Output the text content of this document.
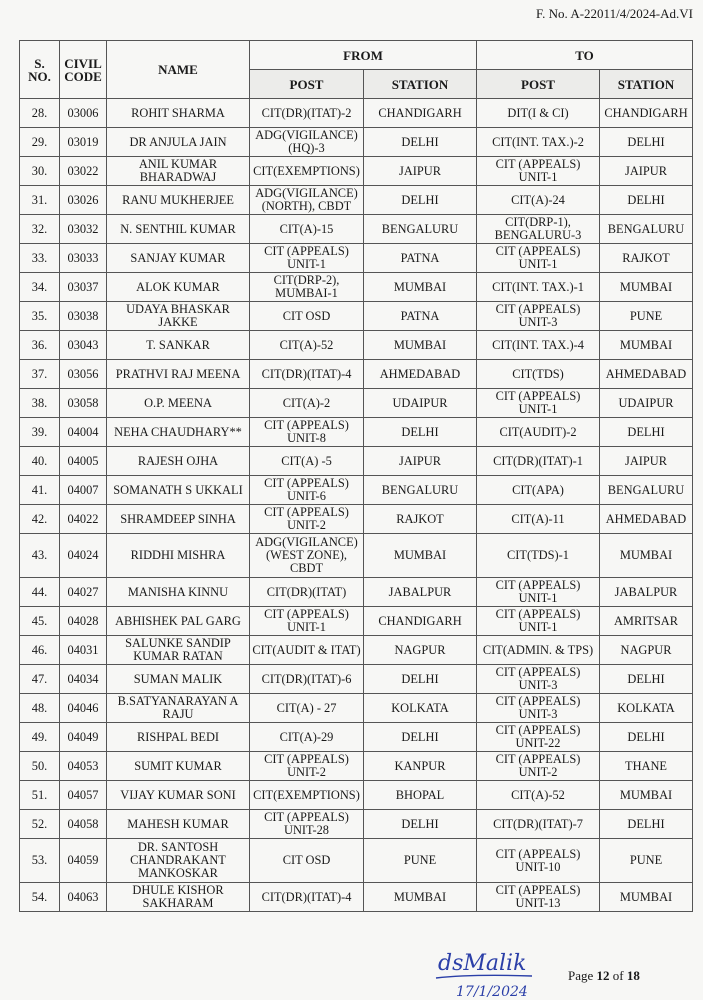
F. No. A-22011/4/2024-Ad.VI
S. NO.	CIVIL CODE	NAME	FROM		TO	
			POST	STATION	POST	STATION
28.	03006	ROHIT SHARMA	CIT(DR)(ITAT)-2	CHANDIGARH	DIT(I & CI)	CHANDIGARH
29.	03019	DR ANJULA JAIN	ADG(VIGILANCE) (HQ)-3	DELHI	CIT(INT. TAX.)-2	DELHI
30.	03022	ANIL KUMAR BHARADWAJ	CIT(EXEMPTIONS)	JAIPUR	CIT (APPEALS) UNIT-1	JAIPUR
31.	03026	RANU MUKHERJEE	ADG(VIGILANCE) (NORTH), CBDT	DELHI	CIT(A)-24	DELHI
32.	03032	N. SENTHIL KUMAR	CIT(A)-15	BENGALURU	CIT(DRP-1), BENGALURU-3	BENGALURU
33.	03033	SANJAY KUMAR	CIT (APPEALS) UNIT-1	PATNA	CIT (APPEALS) UNIT-1	RAJKOT
34.	03037	ALOK KUMAR	CIT(DRP-2), MUMBAI-1	MUMBAI	CIT(INT. TAX.)-1	MUMBAI
35.	03038	UDAYA BHASKAR JAKKE	CIT OSD	PATNA	CIT (APPEALS) UNIT-3	PUNE
36.	03043	T. SANKAR	CIT(A)-52	MUMBAI	CIT(INT. TAX.)-4	MUMBAI
37.	03056	PRATHVI RAJ MEENA	CIT(DR)(ITAT)-4	AHMEDABAD	CIT(TDS)	AHMEDABAD
38.	03058	O.P. MEENA	CIT(A)-2	UDAIPUR	CIT (APPEALS) UNIT-1	UDAIPUR
39.	04004	NEHA CHAUDHARY**	CIT (APPEALS) UNIT-8	DELHI	CIT(AUDIT)-2	DELHI
40.	04005	RAJESH OJHA	CIT(A) -5	JAIPUR	CIT(DR)(ITAT)-1	JAIPUR
41.	04007	SOMANATH S UKKALI	CIT (APPEALS) UNIT-6	BENGALURU	CIT(APA)	BENGALURU
42.	04022	SHRAMDEEP SINHA	CIT (APPEALS) UNIT-2	RAJKOT	CIT(A)-11	AHMEDABAD
43.	04024	RIDDHI MISHRA	ADG(VIGILANCE) (WEST ZONE), CBDT	MUMBAI	CIT(TDS)-1	MUMBAI
44.	04027	MANISHA KINNU	CIT(DR)(ITAT)	JABALPUR	CIT (APPEALS) UNIT-1	JABALPUR
45.	04028	ABHISHEK PAL GARG	CIT (APPEALS) UNIT-1	CHANDIGARH	CIT (APPEALS) UNIT-1	AMRITSAR
46.	04031	SALUNKE SANDIP KUMAR RATAN	CIT(AUDIT & ITAT)	NAGPUR	CIT(ADMIN. & TPS)	NAGPUR
47.	04034	SUMAN MALIK	CIT(DR)(ITAT)-6	DELHI	CIT (APPEALS) UNIT-3	DELHI
48.	04046	B.SATYANARAYAN A RAJU	CIT(A) - 27	KOLKATA	CIT (APPEALS) UNIT-3	KOLKATA
49.	04049	RISHPAL BEDI	CIT(A)-29	DELHI	CIT (APPEALS) UNIT-22	DELHI
50.	04053	SUMIT KUMAR	CIT (APPEALS) UNIT-2	KANPUR	CIT (APPEALS) UNIT-2	THANE
51.	04057	VIJAY KUMAR SONI	CIT(EXEMPTIONS)	BHOPAL	CIT(A)-52	MUMBAI
52.	04058	MAHESH KUMAR	CIT (APPEALS) UNIT-28	DELHI	CIT(DR)(ITAT)-7	DELHI
53.	04059	DR. SANTOSH CHANDRAKANT MANKOSKAR	CIT OSD	PUNE	CIT (APPEALS) UNIT-10	PUNE
54.	04063	DHULE KISHOR SAKHARAM	CIT(DR)(ITAT)-4	MUMBAI	CIT (APPEALS) UNIT-13	MUMBAI
dsMalik
17/1/2024
Page 12 of 18
